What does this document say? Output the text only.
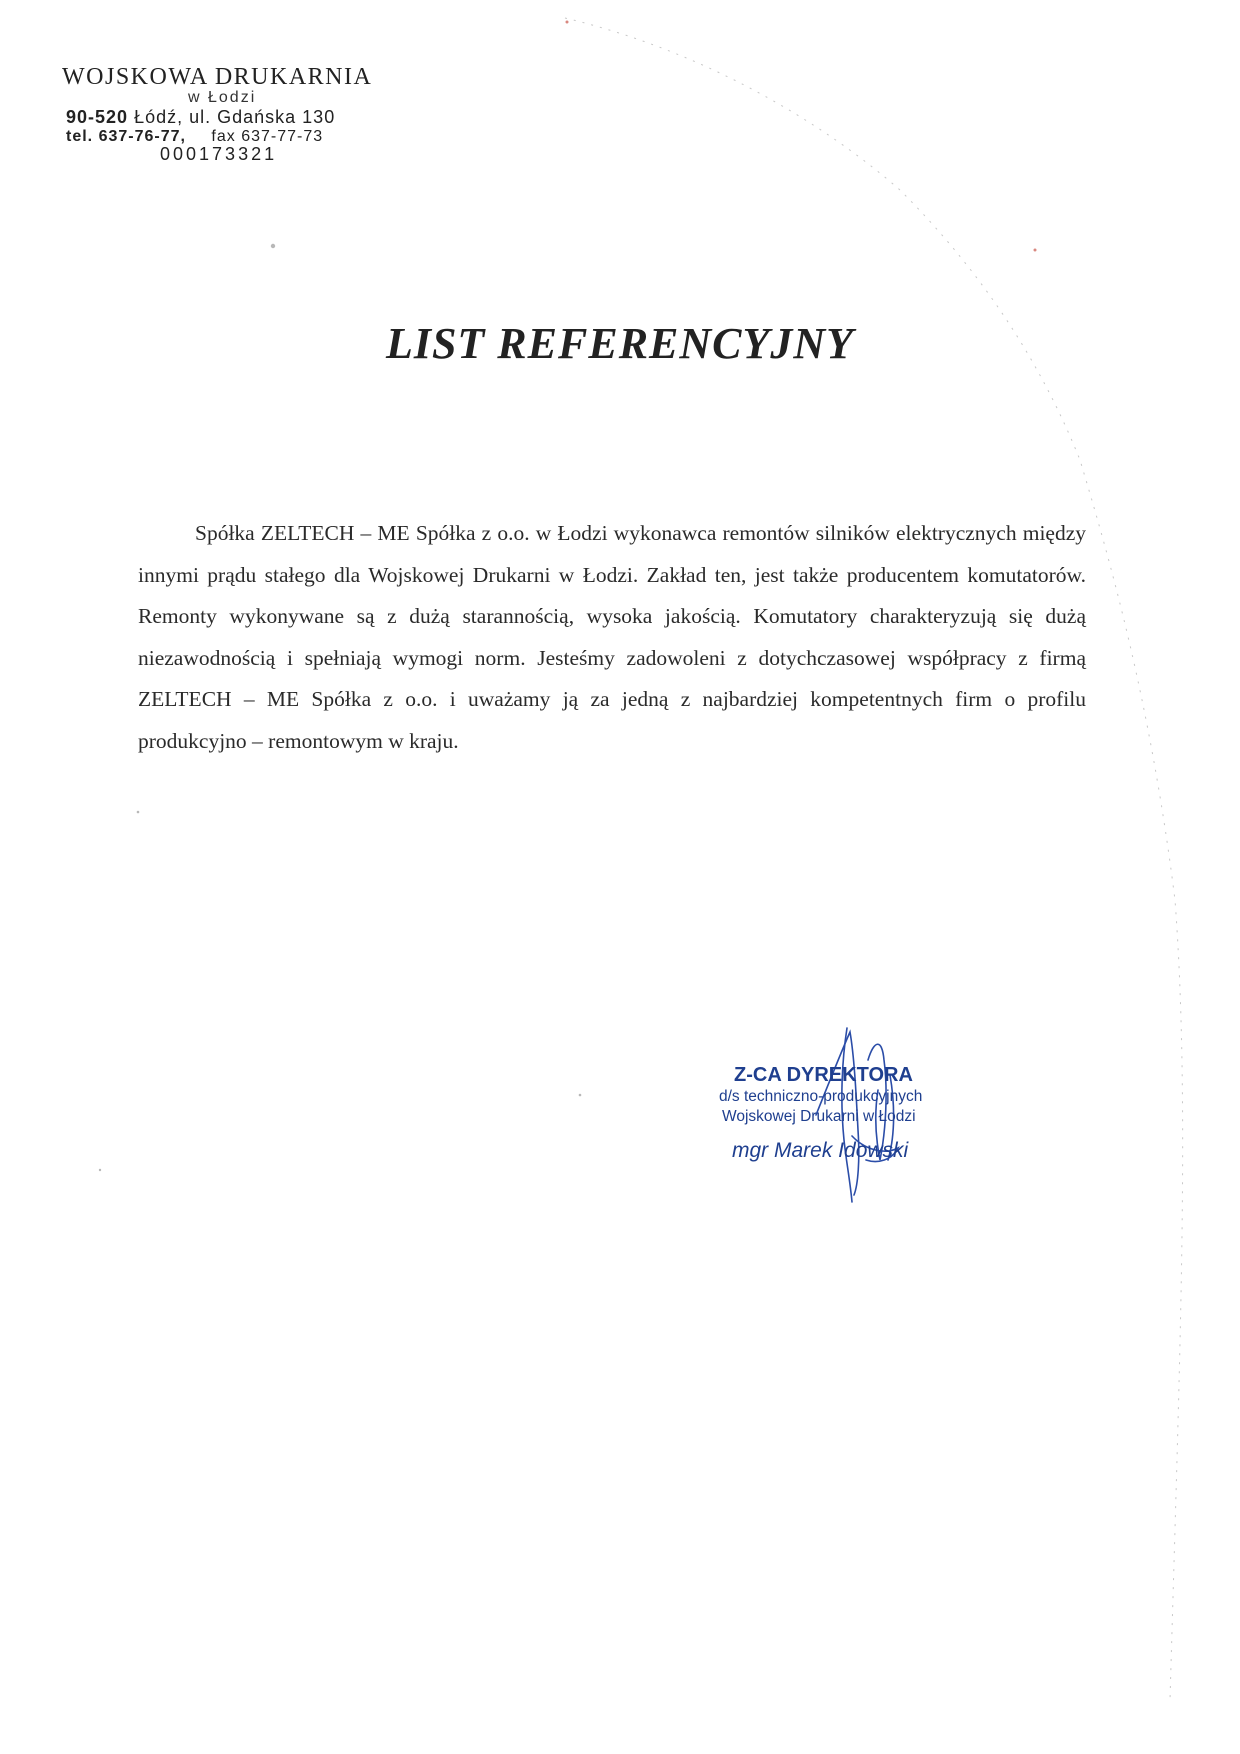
WOJSKOWA DRUKARNIA
w Łodzi
90-520 Łódź, ul. Gdańska 130
tel. 637-76-77, fax 637-77-73
000173321
LIST REFERENCYJNY
Spółka ZELTECH – ME Spółka z o.o. w Łodzi wykonawca remontów silników elektrycznych między innymi prądu stałego dla Wojskowej Drukarni w Łodzi. Zakład ten, jest także producentem komutatorów. Remonty wykonywane są z dużą starannością, wysoka jakością. Komutatory charakteryzują się dużą niezawodnością i spełniają wymogi norm. Jesteśmy zadowoleni z dotychczasowej współpracy z firmą ZELTECH – ME Spółka z o.o. i uważamy ją za jedną z najbardziej kompetentnych firm o profilu produkcyjno – remontowym w kraju.
Z-CA DYREKTORA
d/s techniczno-produkcyjnych
Wojskowej Drukarni w Łodzi
mgr Marek Idowski
